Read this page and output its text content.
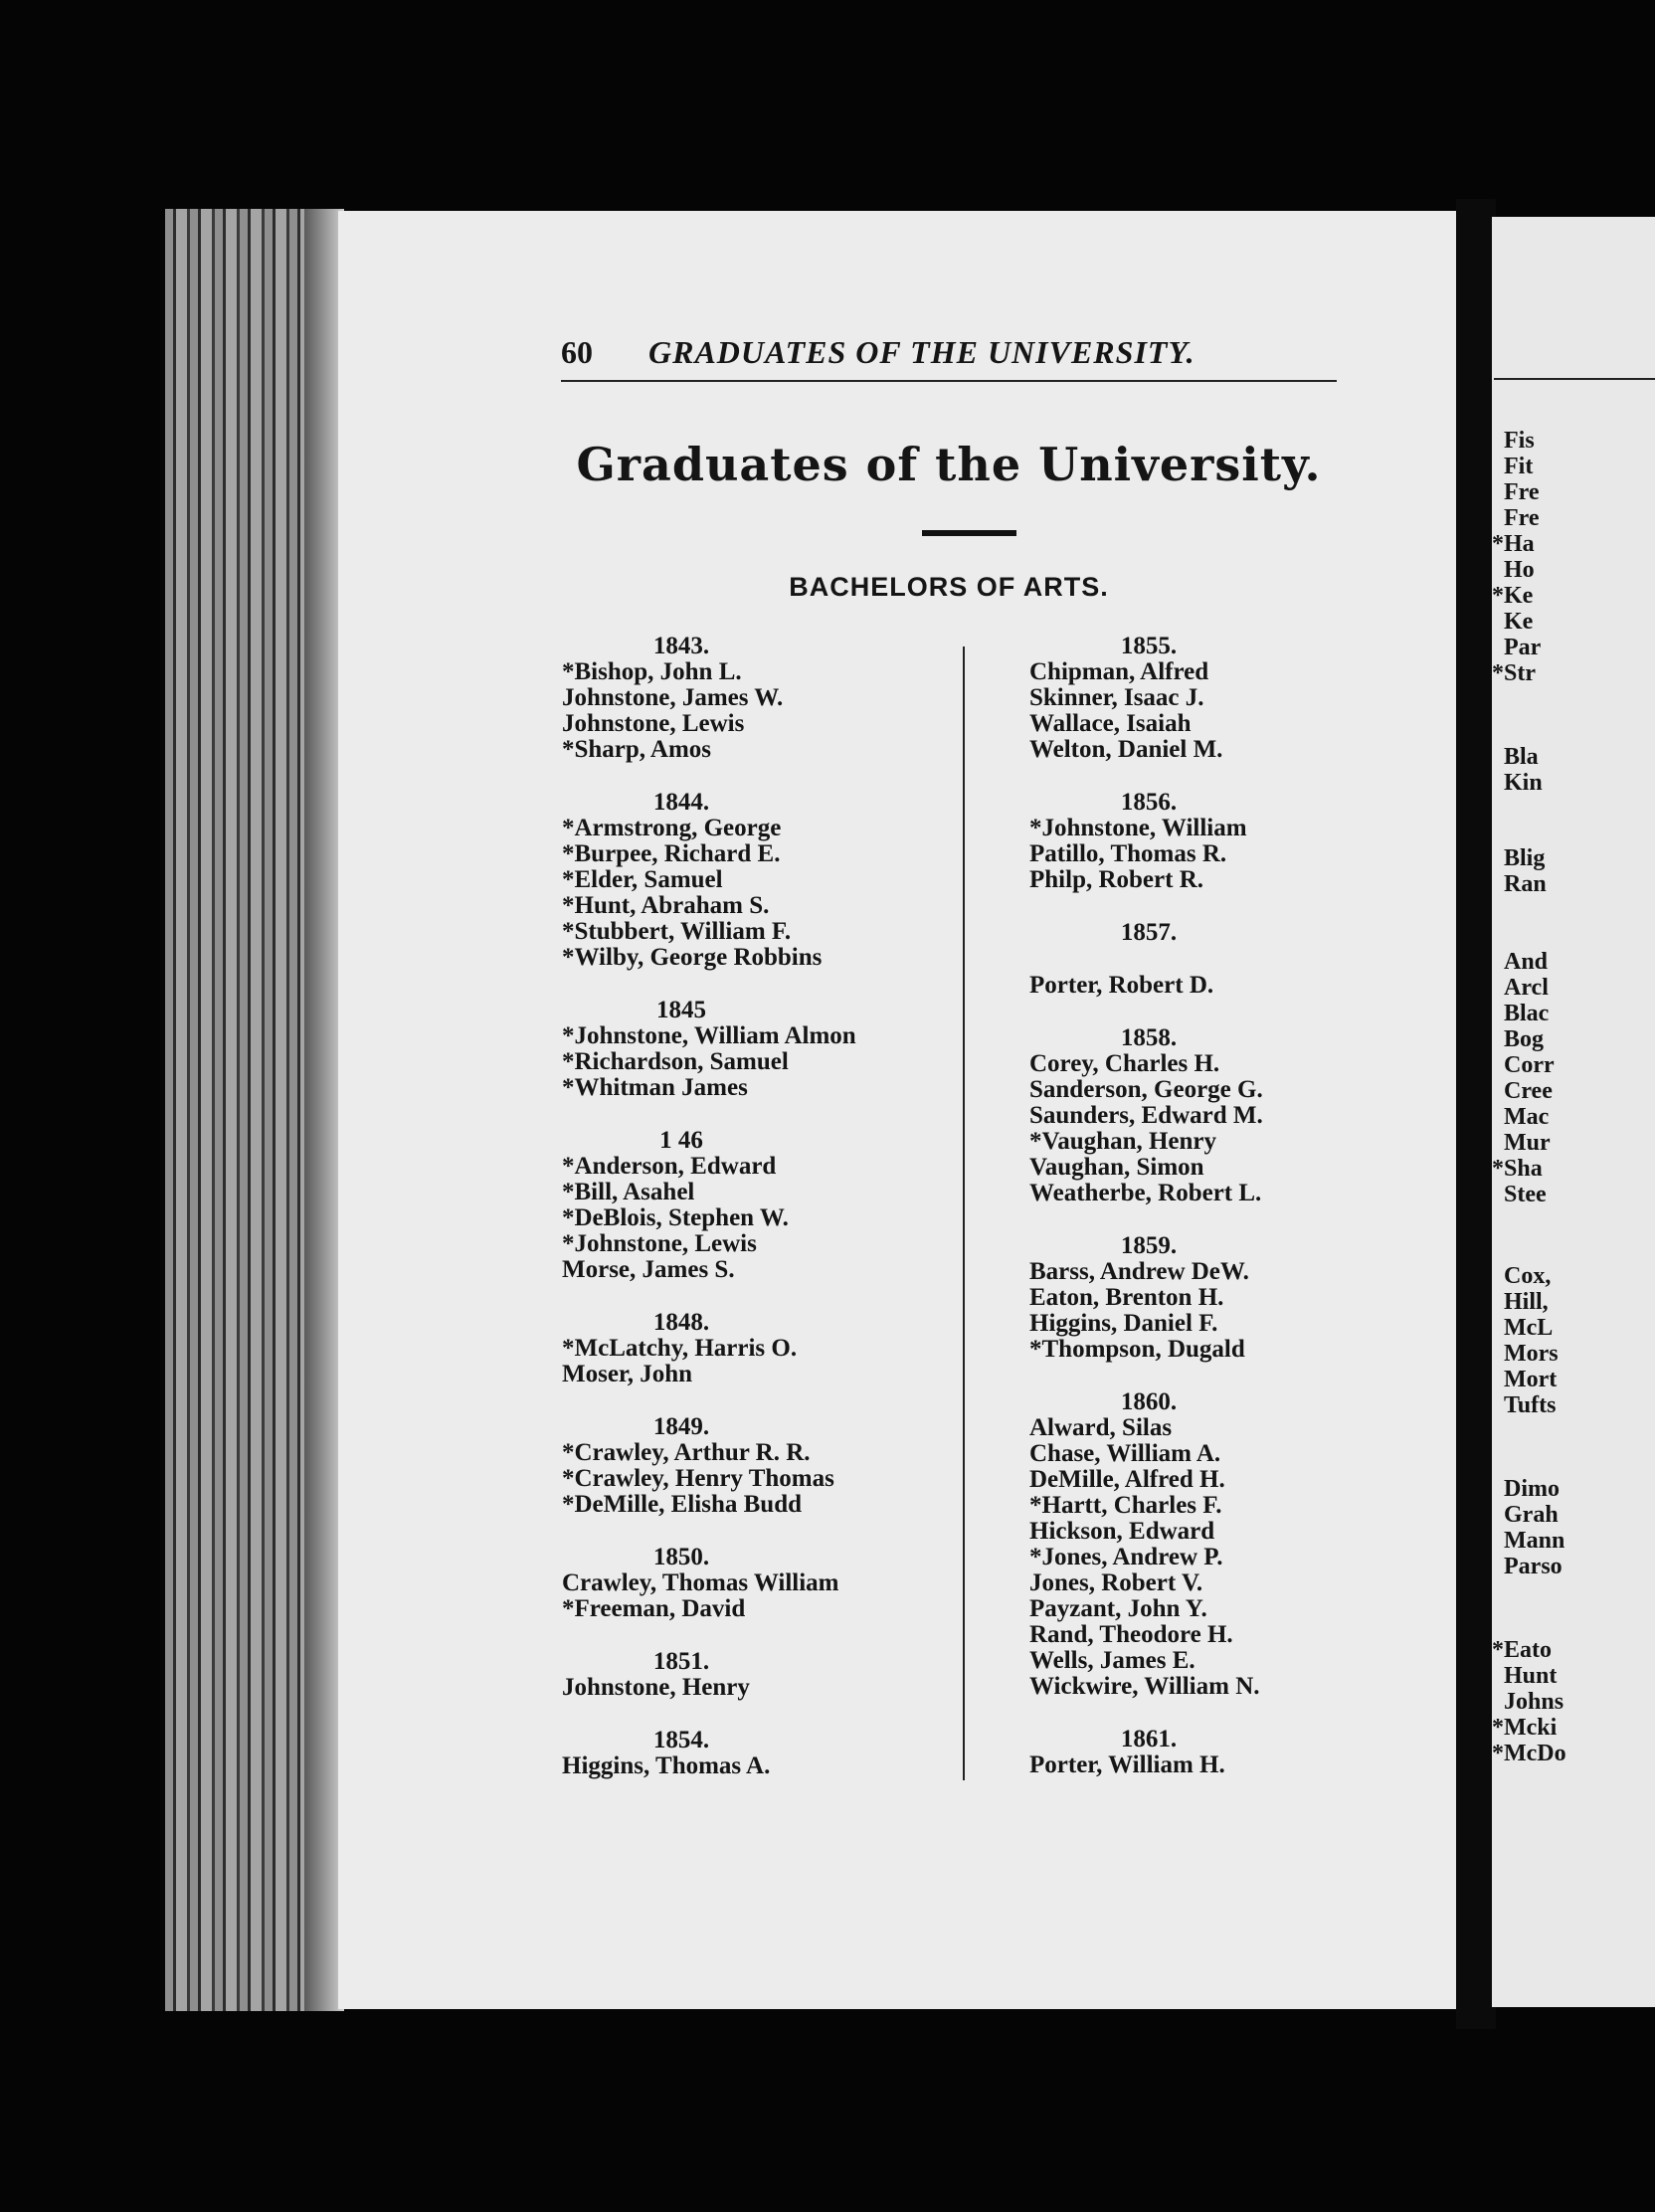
Fis
Fit
Fre
Fre
*Ha
Ho
*Ke
Ke
Par
*Str
Bla
Kin
Blig
Ran
And
Arcl
Blac
Bog
Corr
Cree
Mac
Mur
*Sha
Stee
Cox,
Hill,
McL
Mors
Mort
Tufts
Dimo
Grah
Mann
Parso
*Eato
Hunt
Johns
*Mcki
*McDo
60 GRADUATES OF THE UNIVERSITY.
Graduates of the University.
BACHELORS OF ARTS.
1843.
*Bishop, John L.
Johnstone, James W.
Johnstone, Lewis
*Sharp, Amos
1844.
*Armstrong, George
*Burpee, Richard E.
*Elder, Samuel
*Hunt, Abraham S.
*Stubbert, William F.
*Wilby, George Robbins
1845
*Johnstone, William Almon
*Richardson, Samuel
*Whitman James
1 46
*Anderson, Edward
*Bill, Asahel
*DeBlois, Stephen W.
*Johnstone, Lewis
Morse, James S.
1848.
*McLatchy, Harris O.
Moser, John
1849.
*Crawley, Arthur R. R.
*Crawley, Henry Thomas
*DeMille, Elisha Budd
1850.
Crawley, Thomas William
*Freeman, David
1851.
Johnstone, Henry
1854.
Higgins, Thomas A.
1855.
Chipman, Alfred
Skinner, Isaac J.
Wallace, Isaiah
Welton, Daniel M.
1856.
*Johnstone, William
Patillo, Thomas R.
Philp, Robert R.
1857.
Porter, Robert D.
1858.
Corey, Charles H.
Sanderson, George G.
Saunders, Edward M.
*Vaughan, Henry
Vaughan, Simon
Weatherbe, Robert L.
1859.
Barss, Andrew DeW.
Eaton, Brenton H.
Higgins, Daniel F.
*Thompson, Dugald
1860.
Alward, Silas
Chase, William A.
DeMille, Alfred H.
*Hartt, Charles F.
Hickson, Edward
*Jones, Andrew P.
Jones, Robert V.
Payzant, John Y.
Rand, Theodore H.
Wells, James E.
Wickwire, William N.
1861.
Porter, William H.
